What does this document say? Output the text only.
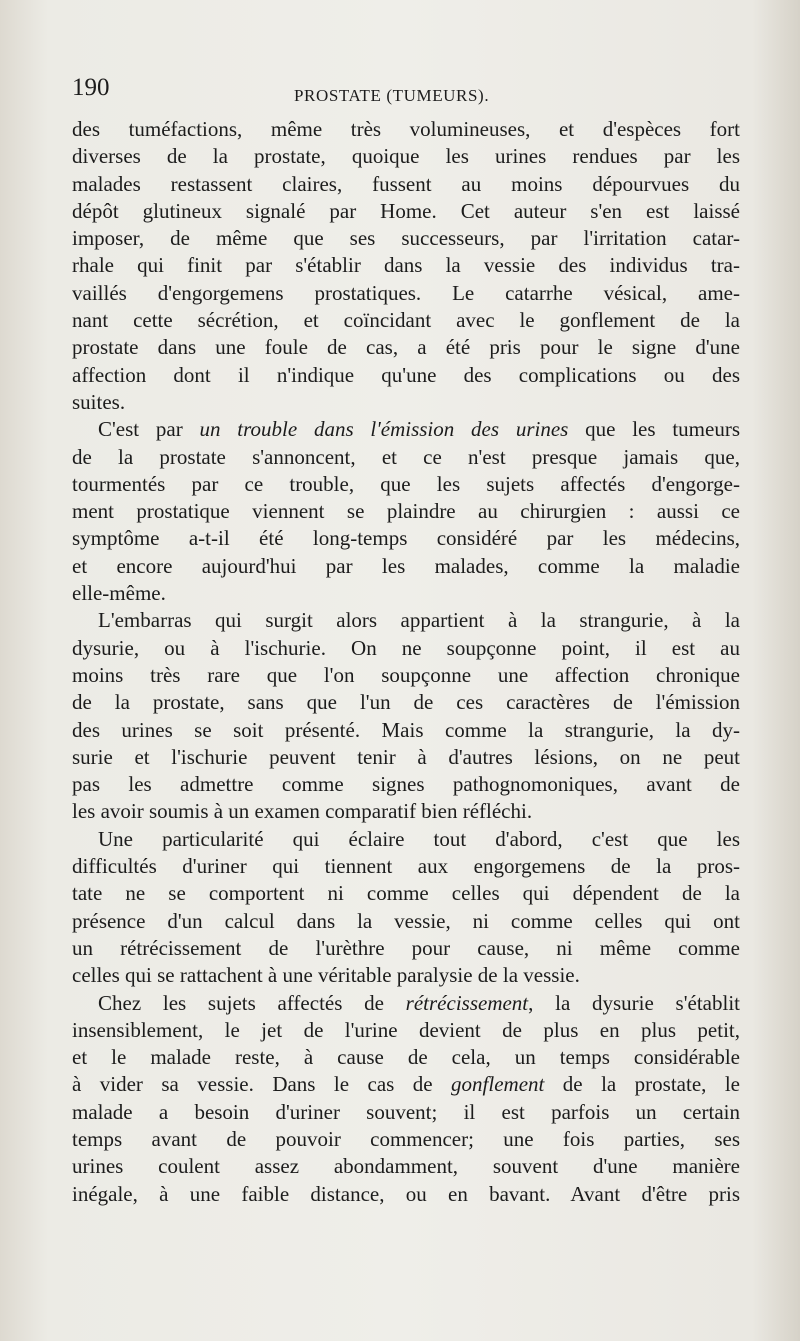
190	PROSTATE (TUMEURS).
des tuméfactions, même très volumineuses, et d'espèces fort
diverses de la prostate, quoique les urines rendues par les
malades restassent claires, fussent au moins dépourvues du
dépôt glutineux signalé par Home. Cet auteur s'en est laissé
imposer, de même que ses successeurs, par l'irritation catar-
rhale qui finit par s'établir dans la vessie des individus tra-
vaillés d'engorgemens prostatiques. Le catarrhe vésical, ame-
nant cette sécrétion, et coïncidant avec le gonflement de la
prostate dans une foule de cas, a été pris pour le signe d'une
affection dont il n'indique qu'une des complications ou des
suites.
C'est par un trouble dans l'émission des urines que les tumeurs
de la prostate s'annoncent, et ce n'est presque jamais que,
tourmentés par ce trouble, que les sujets affectés d'engorge-
ment prostatique viennent se plaindre au chirurgien : aussi ce
symptôme a-t-il été long-temps considéré par les médecins,
et encore aujourd'hui par les malades, comme la maladie
elle-même.
L'embarras qui surgit alors appartient à la strangurie, à la
dysurie, ou à l'ischurie. On ne soupçonne point, il est au
moins très rare que l'on soupçonne une affection chronique
de la prostate, sans que l'un de ces caractères de l'émission
des urines se soit présenté. Mais comme la strangurie, la dy-
surie et l'ischurie peuvent tenir à d'autres lésions, on ne peut
pas les admettre comme signes pathognomoniques, avant de
les avoir soumis à un examen comparatif bien réfléchi.
Une particularité qui éclaire tout d'abord, c'est que les
difficultés d'uriner qui tiennent aux engorgemens de la pros-
tate ne se comportent ni comme celles qui dépendent de la
présence d'un calcul dans la vessie, ni comme celles qui ont
un rétrécissement de l'urèthre pour cause, ni même comme
celles qui se rattachent à une véritable paralysie de la vessie.
Chez les sujets affectés de rétrécissement, la dysurie s'établit
insensiblement, le jet de l'urine devient de plus en plus petit,
et le malade reste, à cause de cela, un temps considérable
à vider sa vessie. Dans le cas de gonflement de la prostate, le
malade a besoin d'uriner souvent; il est parfois un certain
temps avant de pouvoir commencer; une fois parties, ses
urines coulent assez abondamment, souvent d'une manière
inégale, à une faible distance, ou en bavant. Avant d'être pris
